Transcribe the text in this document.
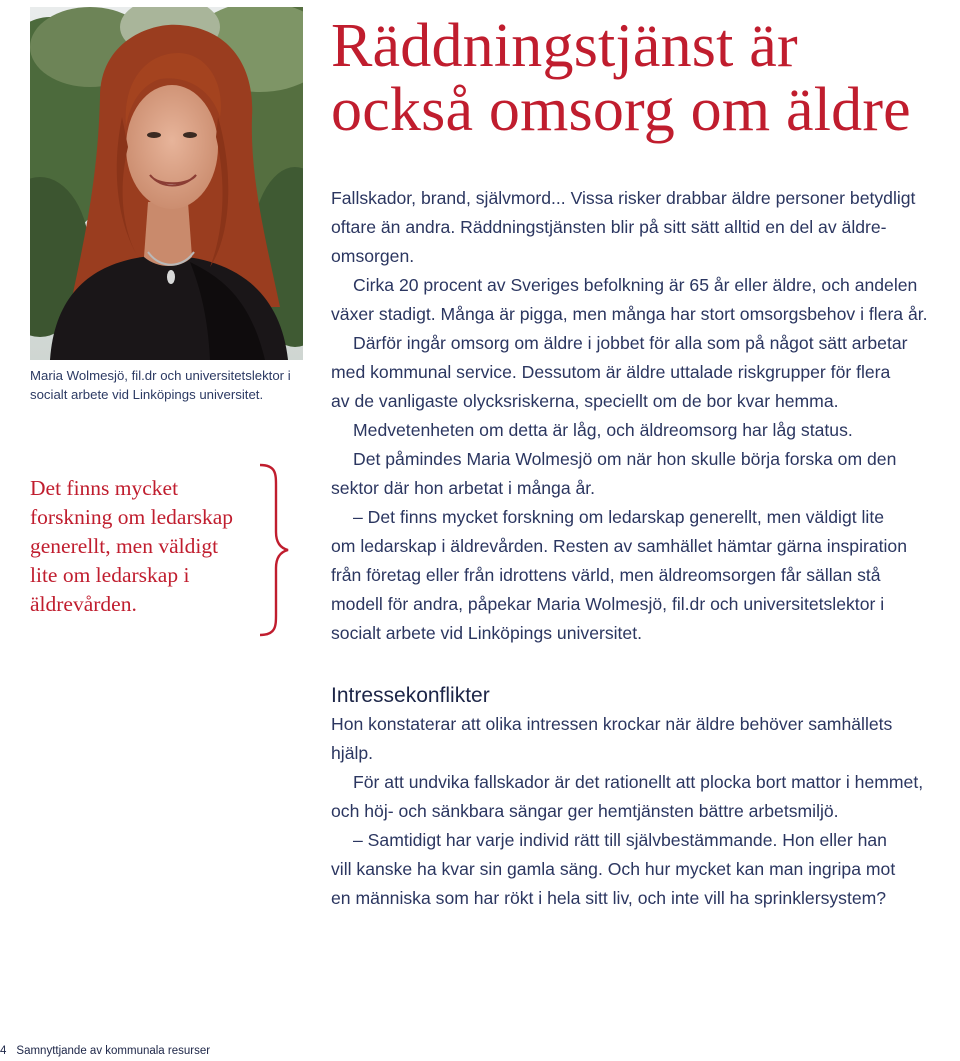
Maria Wolmesjö, fil.dr och universitetslektor i
socialt arbete vid Linköpings universitet.
Det finns mycket
forskning om ledarskap
generellt, men väldigt
lite om ledarskap i
äldrevården.
Räddningstjänst är
också omsorg om äldre
Fallskador, brand, självmord... Vissa risker drabbar äldre personer betydligt
oftare än andra. Räddningstjänsten blir på sitt sätt alltid en del av äldre-
omsorgen.
Cirka 20 procent av Sveriges befolkning är 65 år eller äldre, och andelen
växer stadigt. Många är pigga, men många har stort omsorgsbehov i flera år.
Därför ingår omsorg om äldre i jobbet för alla som på något sätt arbetar
med kommunal service. Dessutom är äldre uttalade riskgrupper för flera
av de vanligaste olycksriskerna, speciellt om de bor kvar hemma.
Medvetenheten om detta är låg, och äldreomsorg har låg status.
Det påmindes Maria Wolmesjö om när hon skulle börja forska om den
sektor där hon arbetat i många år.
– Det finns mycket forskning om ledarskap generellt, men väldigt lite
om ledarskap i äldrevården. Resten av samhället hämtar gärna inspiration
från företag eller från idrottens värld, men äldreomsorgen får sällan stå
modell för andra, påpekar Maria Wolmesjö, fil.dr och universitetslektor i
socialt arbete vid Linköpings universitet.
Intressekonflikter
Hon konstaterar att olika intressen krockar när äldre behöver samhällets
hjälp.
För att undvika fallskador är det rationellt att plocka bort mattor i hemmet,
och höj- och sänkbara sängar ger hemtjänsten bättre arbetsmiljö.
– Samtidigt har varje individ rätt till självbestämmande. Hon eller han
vill kanske ha kvar sin gamla säng. Och hur mycket kan man ingripa mot
en människa som har rökt i hela sitt liv, och inte vill ha sprinklersystem?
4 Samnyttjande av kommunala resurser
